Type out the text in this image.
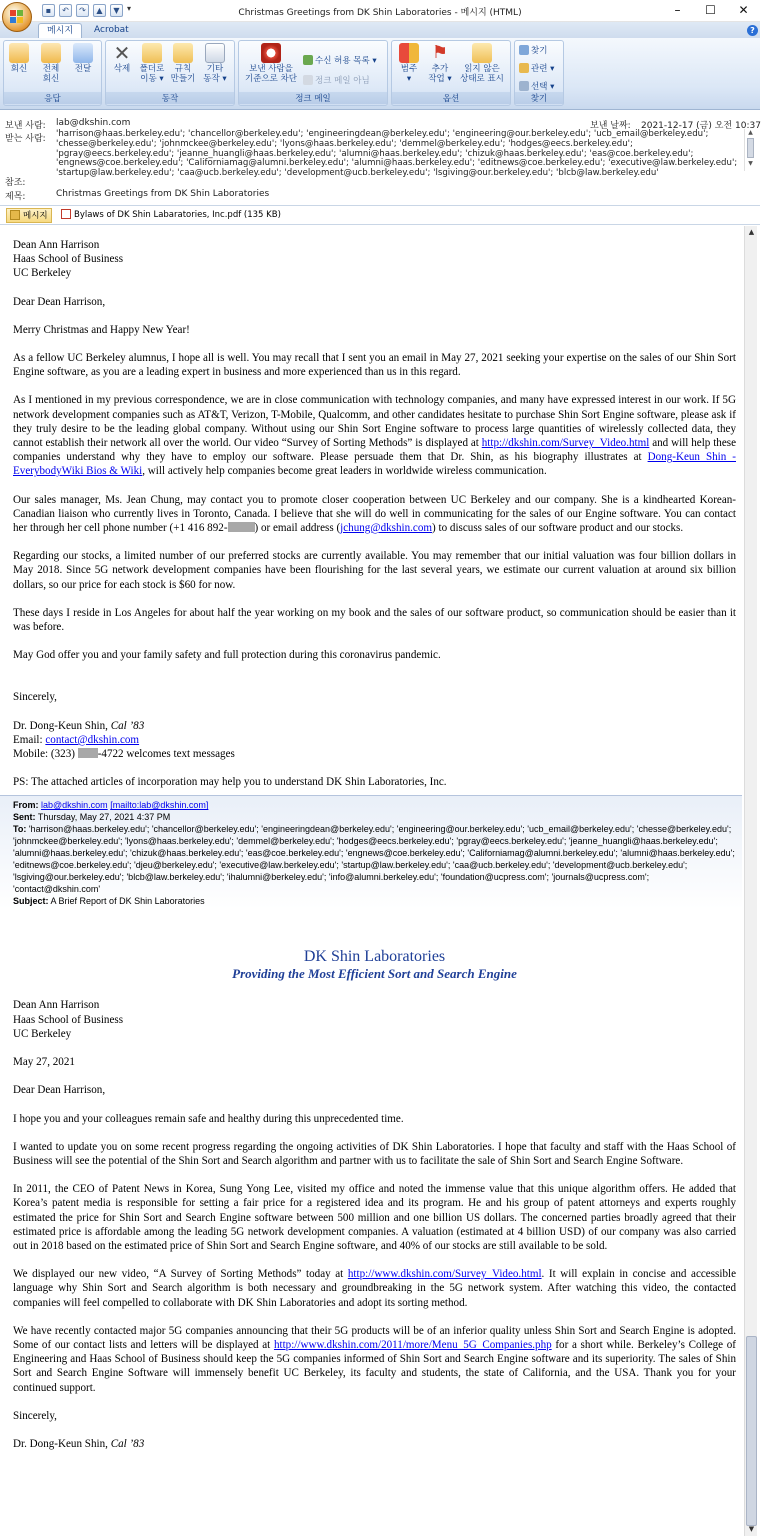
▪	↶	↷	▲	▼ ▾	Christmas Greetings from DK Shin Laboratories - 메시지 (HTML)	–	☐	✕
메시지	Acrobat	?
회신	전체
회신
전달
응답
✕
삭제	폴더로
이동 ▾
규칙
만들기
기타
동작 ▾
동작
보낸 사람을
기준으로 차단
수신 허용 목록 ▾
정크 메일 아님
정크 메일
범주
▾
⚑
추가
작업 ▾
읽지 않은
상태로 표시
옵션
찾기
관련 ▾
선택 ▾
찾기
보낸 사람: lab@dkshin.com	보낸 날짜: 2021-12-17 (금) 오전 10:37
받는 사람: 'harrison@haas.berkeley.edu'; 'chancellor@berkeley.edu'; 'engineeringdean@berkeley.edu'; 'engineering@our.berkeley.edu'; 'ucb_email@berkeley.edu'; 'chesse@berkeley.edu'; 'johnmckee@berkeley.edu'; 'lyons@haas.berkeley.edu'; 'demmel@berkeley.edu'; 'hodges@eecs.berkeley.edu'; 'pgray@eecs.berkeley.edu'; 'jeanne_huangli@haas.berkeley.edu'; 'alumni@haas.berkeley.edu'; 'chizuk@haas.berkeley.edu'; 'eas@coe.berkeley.edu'; 'engnews@coe.berkeley.edu'; 'Californiamag@alumni.berkeley.edu'; 'alumni@haas.berkeley.edu'; 'editnews@coe.berkeley.edu'; 'executive@law.berkeley.edu'; 'startup@law.berkeley.edu'; 'caa@ucb.berkeley.edu'; 'development@ucb.berkeley.edu'; 'lsgiving@our.berkeley.edu'; 'blcb@law.berkeley.edu'
▲
▼
참조:
제목:	Christmas Greetings from DK Shin Laboratories
메시지	Bylaws of DK Shin Labaratories, Inc.pdf (135 KB)

Dean Ann Harrison

Haas School of Business

UC Berkeley

Dear Dean Harrison,

Merry Christmas and Happy New Year!

As a fellow UC Berkeley alumnus, I hope all is well. You may recall that I sent you an email in May 27, 2021 seeking your expertise on the sales of our Shin Sort Engine software, as you are a leading expert in business and more experienced than us in this regard.

As I mentioned in my previous correspondence, we are in close communication with technology companies, and many have expressed interest in our work. If 5G network development companies such as AT&T, Verizon, T-Mobile, Qualcomm, and other candidates hesitate to purchase Shin Sort Engine software, please ask if they truly desire to be the leading global company. Without using our Shin Sort Engine software to process large quantities of wirelessly collected data, they cannot establish their network all over the world. Our video “Survey of Sorting Methods” is displayed at http://dkshin.com/Survey_Video.html and will help these companies understand why they have to employ our software. Please persuade them that Dr. Shin, as his biography illustrates at Dong-Keun Shin - EverybodyWiki Bios & Wiki, will actively help companies become great leaders in worldwide wireless communication.

Our sales manager, Ms. Jean Chung, may contact you to promote closer cooperation between UC Berkeley and our company. She is a kindhearted Korean-Canadian liaison who currently lives in Toronto, Canada. I believe that she will do well in communicating for the sales of our Engine software. You can contact her through her cell phone number (+1 416 892- ) or email address (jchung@dkshin.com) to discuss sales of our software product and our stocks.

Regarding our stocks, a limited number of our preferred stocks are currently available. You may remember that our initial valuation was four billion dollars in May 2018. Since 5G network development companies have been flourishing for the last several years, we estimate our current valuation at around six billion dollars, so our price for each stock is $60 for now.

These days I reside in Los Angeles for about half the year working on my book and the sales of our software product, so communication should be easier than it was before.

May God offer you and your family safety and full protection during this coronavirus pandemic.

Sincerely,

Dr. Dong-Keun Shin, Cal ’83

Email: contact@dkshin.com

Mobile: (323) -4722 welcomes text messages

PS: The attached articles of incorporation may help you to understand DK Shin Laboratories, Inc.

From: lab@dkshin.com [mailto:lab@dkshin.com]

Sent: Thursday, May 27, 2021 4:37 PM

To: 'harrison@haas.berkeley.edu'; 'chancellor@berkeley.edu'; 'engineeringdean@berkeley.edu'; 'engineering@our.berkeley.edu'; 'ucb_email@berkeley.edu'; 'chesse@berkeley.edu'; 'johnmckee@berkeley.edu'; 'lyons@haas.berkeley.edu'; 'demmel@berkeley.edu'; 'hodges@eecs.berkeley.edu'; 'pgray@eecs.berkeley.edu'; 'jeanne_huangli@haas.berkeley.edu'; 'alumni@haas.berkeley.edu'; 'chizuk@haas.berkeley.edu'; 'eas@coe.berkeley.edu'; 'engnews@coe.berkeley.edu'; 'Californiamag@alumni.berkeley.edu'; 'alumni@haas.berkeley.edu'; 'editnews@coe.berkeley.edu'; 'djeu@berkeley.edu'; 'executive@law.berkeley.edu'; 'startup@law.berkeley.edu'; 'caa@ucb.berkeley.edu'; 'development@ucb.berkeley.edu'; 'lsgiving@our.berkeley.edu'; 'blcb@law.berkeley.edu'; 'ihalumni@berkeley.edu'; 'info@alumni.berkeley.edu'; 'foundation@ucpress.com'; 'journals@ucpress.com'; 'contact@dkshin.com'

Subject: A Brief Report of DK Shin Laboratories

DK Shin Laboratories

Providing the Most Efficient Sort and Search Engine

Dean Ann Harrison

Haas School of Business

UC Berkeley

May 27, 2021

Dear Dean Harrison,

I hope you and your colleagues remain safe and healthy during this unprecedented time.

I wanted to update you on some recent progress regarding the ongoing activities of DK Shin Laboratories. I hope that faculty and staff with the Haas School of Business will see the potential of the Shin Sort and Search algorithm and partner with us to facilitate the sale of Shin Sort and Search Engine Software.

In 2011, the CEO of Patent News in Korea, Sung Yong Lee, visited my office and noted the immense value that this unique algorithm offers. He added that Korea’s patent media is responsible for setting a fair price for a registered idea and its program. He and his group of patent attorneys and experts roughly estimated the price for Shin Sort and Search Engine software between 500 million and one billion US dollars. The concerned parties broadly agreed that their estimated price is affordable among the leading 5G network development companies. A valuation (estimated at 4 billion USD) of our company was also carried out in 2018 based on the estimated price of Shin Sort and Search Engine software, and 40% of our stocks are still available to be sold.

We displayed our new video, “A Survey of Sorting Methods” today at http://www.dkshin.com/Survey_Video.html. It will explain in concise and accessible language why Shin Sort and Search algorithm is both necessary and groundbreaking in the 5G network system. After watching this video, the contacted companies will feel compelled to collaborate with DK Shin Laboratories and adopt its sorting method.

We have recently contacted major 5G companies announcing that their 5G products will be of an inferior quality unless Shin Sort and Search Engine is adopted. Some of our contact lists and letters will be displayed at http://www.dkshin.com/2011/more/Menu_5G_Companies.php for a short while. Berkeley’s College of Engineering and Haas School of Business should keep the 5G companies informed of Shin Sort and Search Engine software and its superiority. The sales of Shin Sort and Search Engine Software will immensely benefit UC Berkeley, its faculty and students, the state of California, and the USA. Thank you for your continued support.

Sincerely,

Dr. Dong-Keun Shin, Cal ’83

▲
▼
